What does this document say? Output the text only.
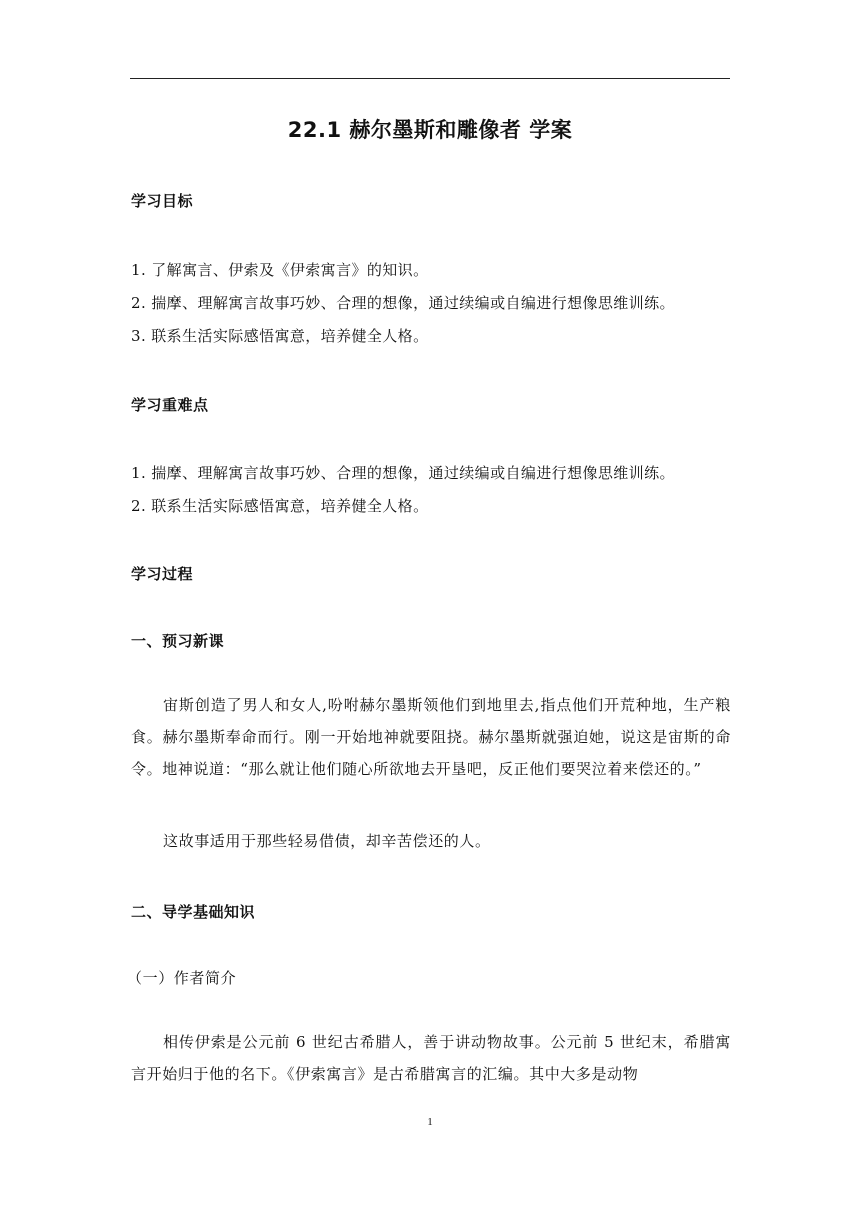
22.1 赫尔墨斯和雕像者 学案
学习目标
1. 了解寓言、伊索及《伊索寓言》的知识。
2. 揣摩、理解寓言故事巧妙、合理的想像，通过续编或自编进行想像思维训练。
3. 联系生活实际感悟寓意，培养健全人格。
学习重难点
1. 揣摩、理解寓言故事巧妙、合理的想像，通过续编或自编进行想像思维训练。
2. 联系生活实际感悟寓意，培养健全人格。
学习过程
一、预习新课
宙斯创造了男人和女人,吩咐赫尔墨斯领他们到地里去,指点他们开荒种地，生产粮食。赫尔墨斯奉命而行。刚一开始地神就要阻挠。赫尔墨斯就强迫她，说这是宙斯的命令。地神说道：“那么就让他们随心所欲地去开垦吧，反正他们要哭泣着来偿还的。”
这故事适用于那些轻易借债，却辛苦偿还的人。
二、导学基础知识
（一）作者简介
相传伊索是公元前 6 世纪古希腊人，善于讲动物故事。公元前 5 世纪末，希腊寓言开始归于他的名下。《伊索寓言》是古希腊寓言的汇编。其中大多是动物
1
